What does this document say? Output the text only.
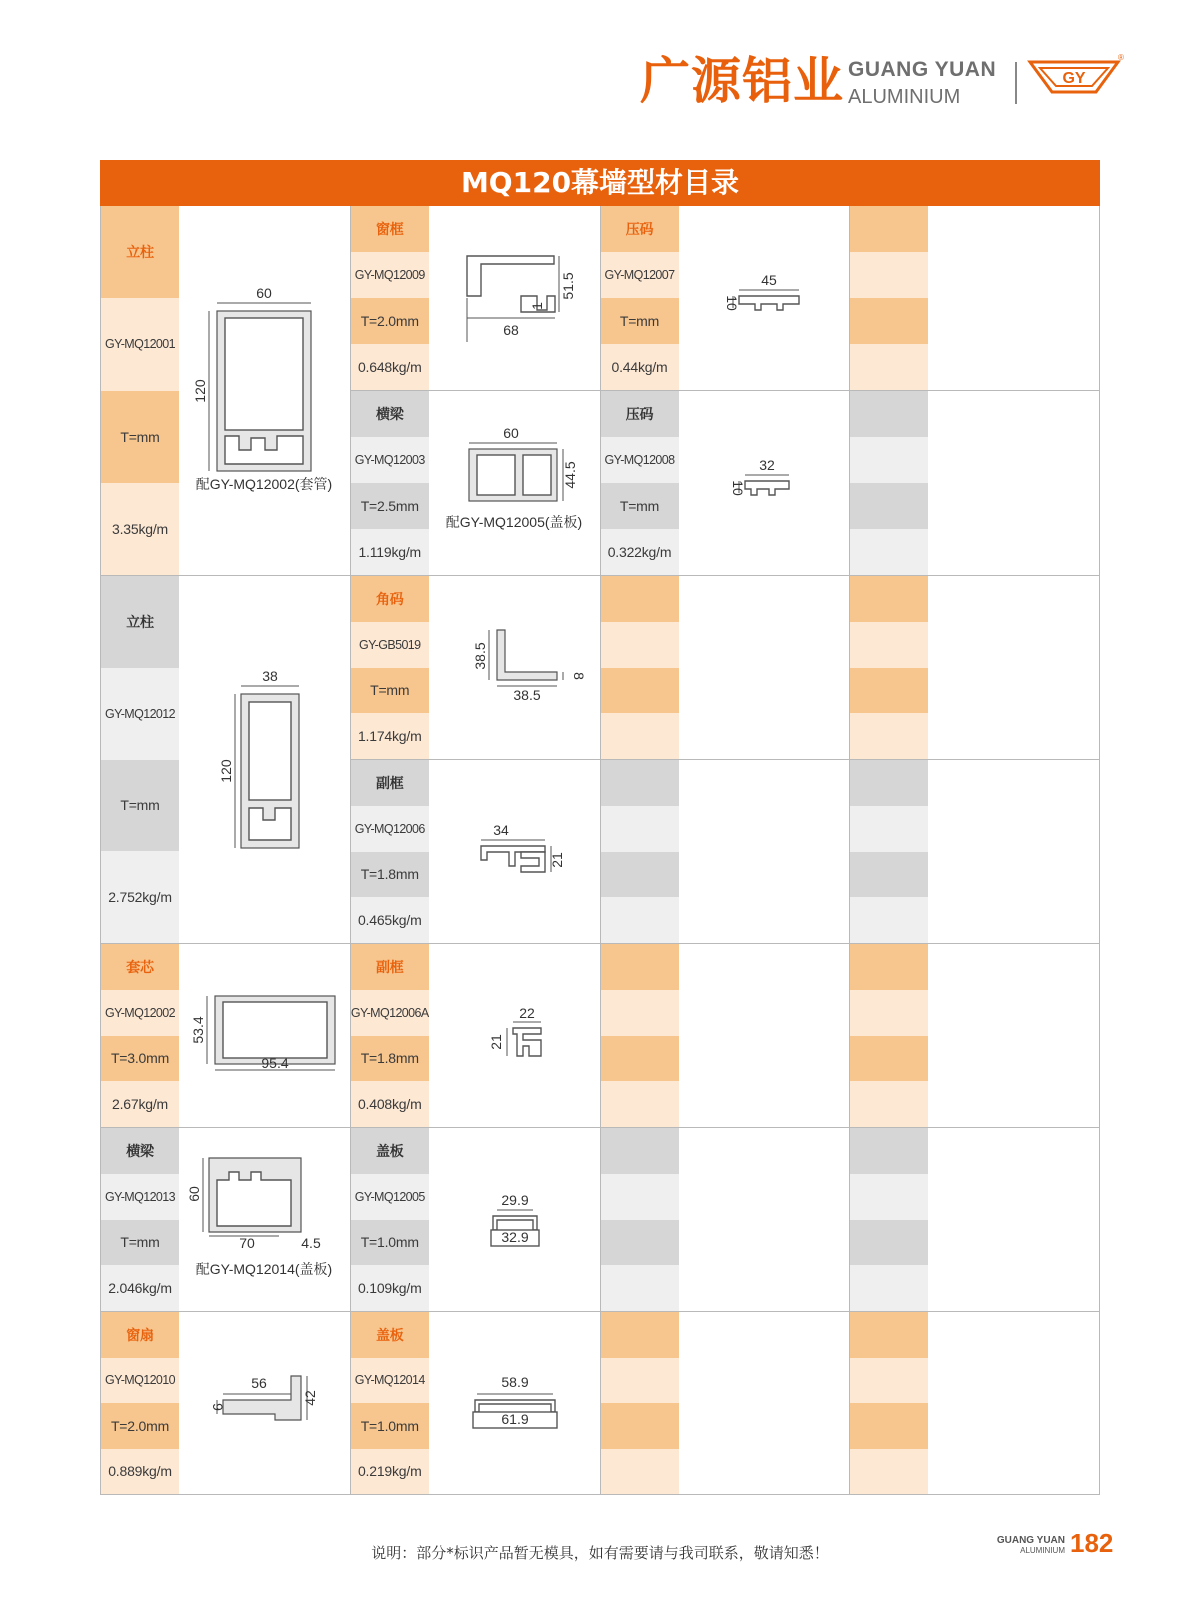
广源铝业 GUANG YUAN
ALUMINIUM
GY
®
MQ120幕墙型材目录
立柱
GY-MQ12001
T=mm
3.35kg/m
60
120
配GY-MQ12002(套管)
窗框
GY-MQ12009
T=2.0mm
0.648kg/m
51.5
1
68
横梁
GY-MQ12003
T=2.5mm
1.119kg/m
60
44.5
配GY-MQ12005(盖板)
压码
GY-MQ12007
T=mm
0.44kg/m
45
10
压码
GY-MQ12008
T=mm
0.322kg/m
32
10
立柱
GY-MQ12012
T=mm
2.752kg/m
38
120
角码
GY-GB5019
T=mm
1.174kg/m
38.5
38.5
8
副框
GY-MQ12006
T=1.8mm
0.465kg/m
34
21
套芯
GY-MQ12002
T=3.0mm
2.67kg/m
53.4
95.4
副框
GY-MQ12006A
T=1.8mm
0.408kg/m
22
21
横梁
GY-MQ12013
T=mm
2.046kg/m
60
70	4.5
配GY-MQ12014(盖板)
盖板
GY-MQ12005
T=1.0mm
0.109kg/m
29.9
32.9
窗扇
GY-MQ12010
T=2.0mm
0.889kg/m
56
42
9
盖板
GY-MQ12014
T=1.0mm
0.219kg/m
58.9
61.9
说明：部分*标识产品暂无模具，如有需要请与我司联系，敬请知悉！
GUANG YUAN
ALUMINIUM 182
